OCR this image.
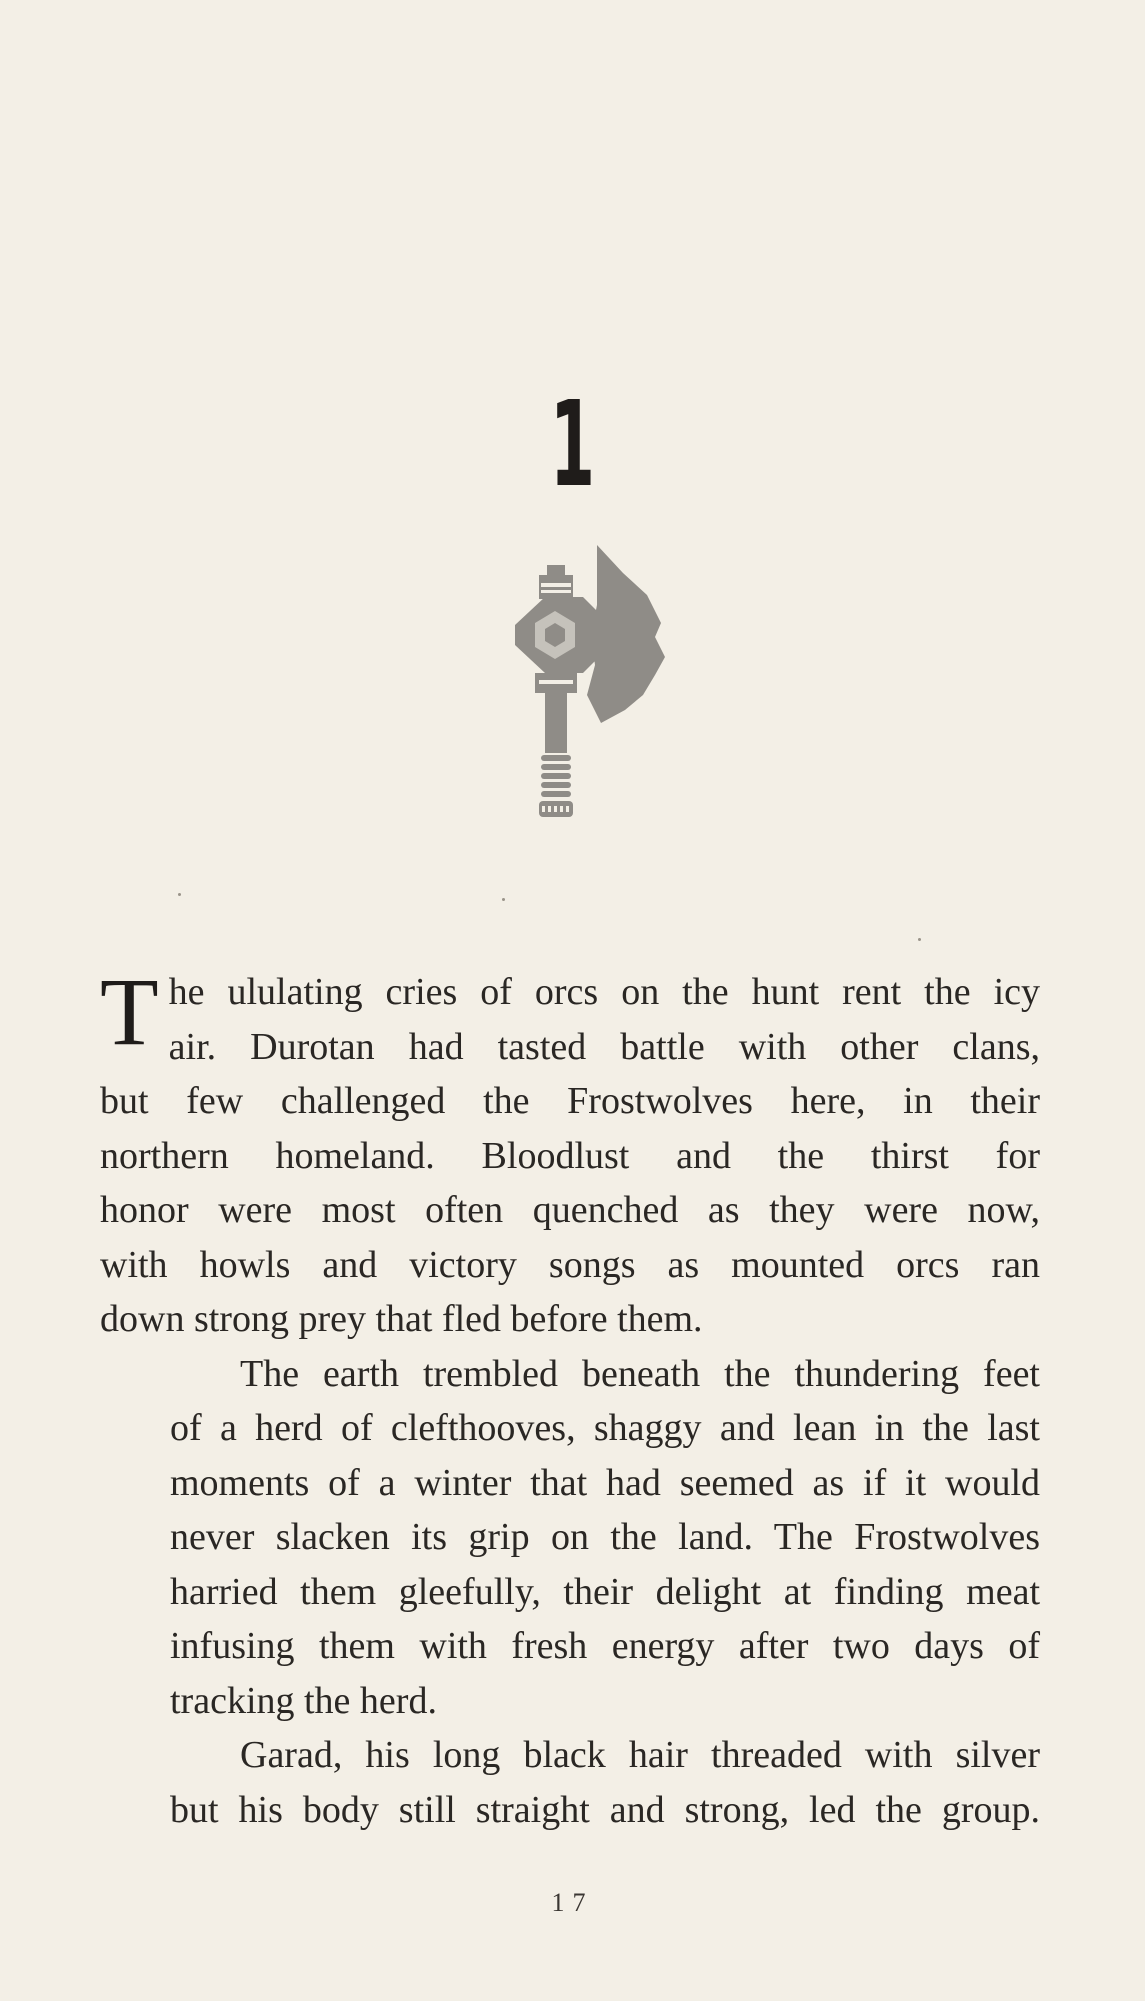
1

T he ululating cries of orcs on the hunt rent the icy
air. Durotan had tasted battle with other clans,
but few challenged the Frostwolves here, in their
northern homeland. Bloodlust and the thirst for
honor were most often quenched as they were now,
with howls and victory songs as mounted orcs ran
down strong prey that fled before them.

The earth trembled beneath the thundering feet
of a herd of clefthooves, shaggy and lean in the last
moments of a winter that had seemed as if it would
never slacken its grip on the land. The Frostwolves
harried them gleefully, their delight at finding meat
infusing them with fresh energy after two days of
tracking the herd.

Garad, his long black hair threaded with silver
but his body still straight and strong, led the group.

17
